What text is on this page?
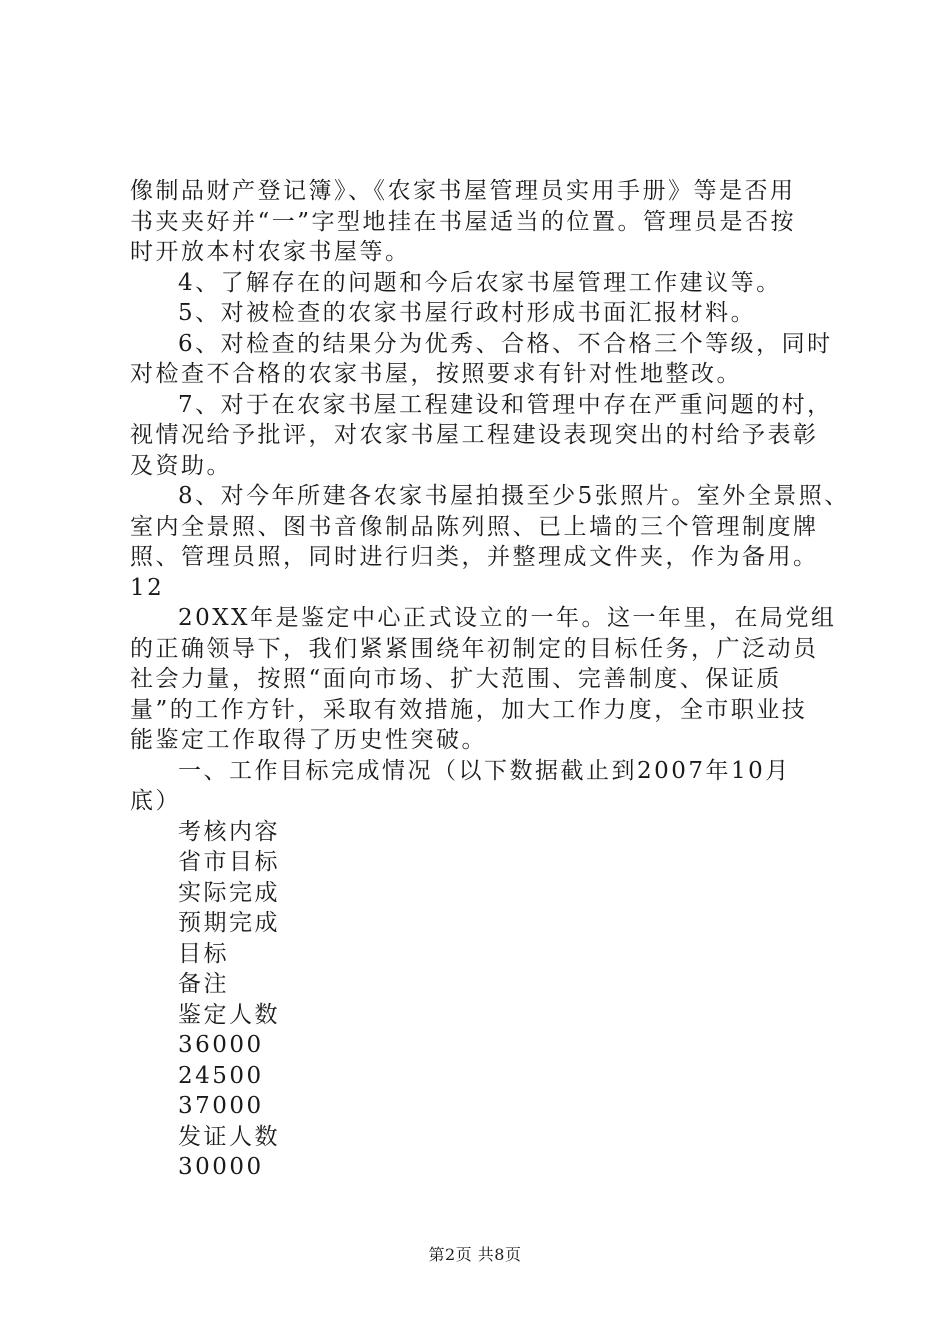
像制品财产登记簿》、《农家书屋管理员实用手册》等是否用
书夹夹好并“一”字型地挂在书屋适当的位置。管理员是否按
时开放本村农家书屋等。
4、了解存在的问题和今后农家书屋管理工作建议等。
5、对被检查的农家书屋行政村形成书面汇报材料。
6、对检查的结果分为优秀、合格、不合格三个等级，同时
对检查不合格的农家书屋，按照要求有针对性地整改。
7、对于在农家书屋工程建设和管理中存在严重问题的村，
视情况给予批评，对农家书屋工程建设表现突出的村给予表彰
及资助。
8、对今年所建各农家书屋拍摄至少5张照片。室外全景照、
室内全景照、图书音像制品陈列照、已上墙的三个管理制度牌
照、管理员照，同时进行归类，并整理成文件夹，作为备用。
12
20XX年是鉴定中心正式设立的一年。这一年里，在局党组
的正确领导下，我们紧紧围绕年初制定的目标任务，广泛动员
社会力量，按照“面向市场、扩大范围、完善制度、保证质
量”的工作方针，采取有效措施，加大工作力度，全市职业技
能鉴定工作取得了历史性突破。
一、工作目标完成情况（以下数据截止到2007年10月
底）
考核内容
省市目标
实际完成
预期完成
目标
备注
鉴定人数
36000
24500
37000
发证人数
30000
第2页 共8页
